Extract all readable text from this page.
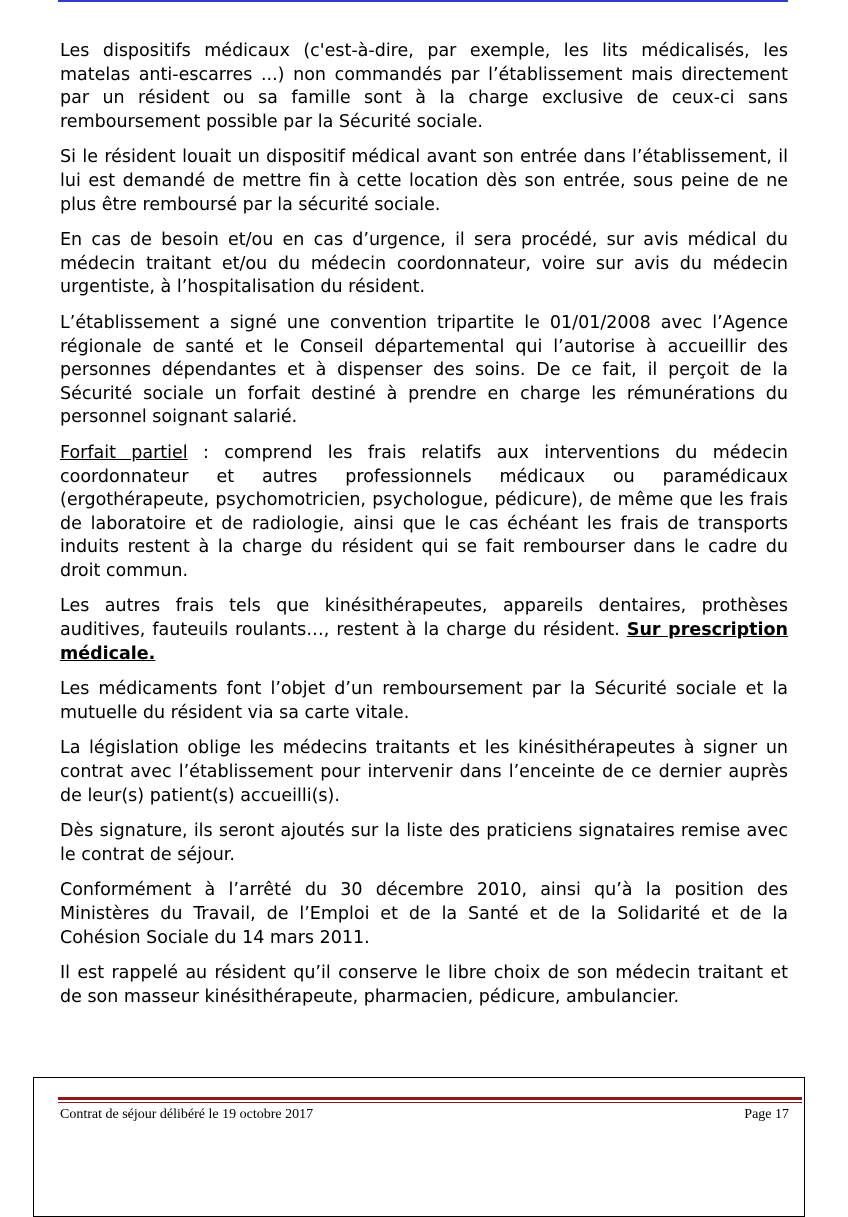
Les dispositifs médicaux (c'est-à-dire, par exemple, les lits médicalisés, les matelas anti-escarres ...) non commandés par l’établissement mais directement par un résident ou sa famille sont à la charge exclusive de ceux-ci sans remboursement possible par la Sécurité sociale.

Si le résident louait un dispositif médical avant son entrée dans l’établissement, il lui est demandé de mettre fin à cette location dès son entrée, sous peine de ne plus être remboursé par la sécurité sociale.

En cas de besoin et/ou en cas d’urgence, il sera procédé, sur avis médical du médecin traitant et/ou du médecin coordonnateur, voire sur avis du médecin urgentiste, à l’hospitalisation du résident.

L’établissement a signé une convention tripartite le 01/01/2008 avec l’Agence régionale de santé et le Conseil départemental qui l’autorise à accueillir des personnes dépendantes et à dispenser des soins. De ce fait, il perçoit de la Sécurité sociale un forfait destiné à prendre en charge les rémunérations du personnel soignant salarié.

Forfait partiel : comprend les frais relatifs aux interventions du médecin coordonnateur et autres professionnels médicaux ou paramédicaux (ergothérapeute, psychomotricien, psychologue, pédicure), de même que les frais de laboratoire et de radiologie, ainsi que le cas échéant les frais de transports induits restent à la charge du résident qui se fait rembourser dans le cadre du droit commun.

Les autres frais tels que kinésithérapeutes, appareils dentaires, prothèses auditives, fauteuils roulants…, restent à la charge du résident. Sur prescription médicale.

Les médicaments font l’objet d’un remboursement par la Sécurité sociale et la mutuelle du résident via sa carte vitale.

La législation oblige les médecins traitants et les kinésithérapeutes à signer un contrat avec l’établissement pour intervenir dans l’enceinte de ce dernier auprès de leur(s) patient(s) accueilli(s).

Dès signature, ils seront ajoutés sur la liste des praticiens signataires remise avec le contrat de séjour.

Conformément à l’arrêté du 30 décembre 2010, ainsi qu’à la position des Ministères du Travail, de l’Emploi et de la Santé et de la Solidarité et de la Cohésion Sociale du 14 mars 2011.

Il est rappelé au résident qu’il conserve le libre choix de son médecin traitant et de son masseur kinésithérapeute, pharmacien, pédicure, ambulancier.

Contrat de séjour délibéré le 19 octobre 2017	Page 17
